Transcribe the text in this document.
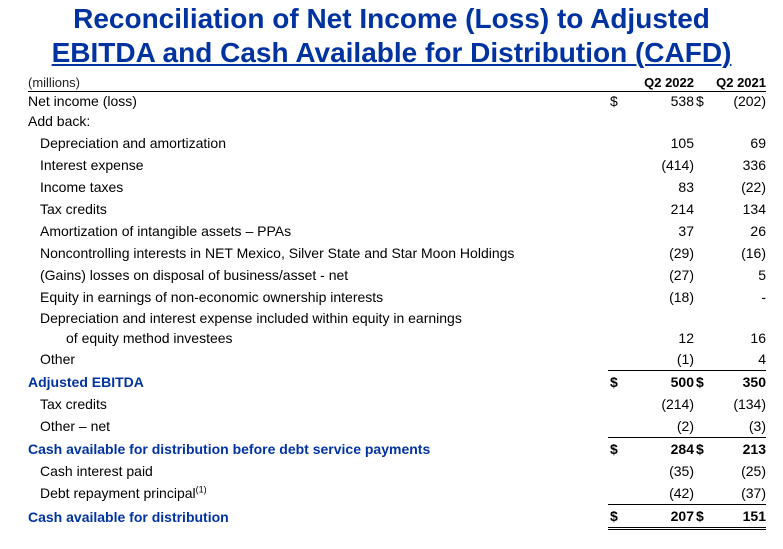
Reconciliation of Net Income (Loss) to Adjusted
EBITDA and Cash Available for Distribution (CAFD)
(millions)		Q2 2022		Q2 2021
Net income (loss)	$	538	$	(202)
Add back:				
Depreciation and amortization		105		69
Interest expense		(414)		336
Income taxes		83		(22)
Tax credits		214		134
Amortization of intangible assets – PPAs		37		26
Noncontrolling interests in NET Mexico, Silver State and Star Moon Holdings		(29)		(16)
(Gains) losses on disposal of business/asset - net		(27)		5
Equity in earnings of non-economic ownership interests		(18)		-
Depreciation and interest expense included within equity in earnings				
of equity method investees		12		16
Other		(1)		4
Adjusted EBITDA	$	500	$	350
Tax credits		(214)		(134)
Other – net		(2)		(3)
Cash available for distribution before debt service payments	$	284	$	213
Cash interest paid		(35)		(25)
Debt repayment principal$^{(1)}$		(42)		(37)
Cash available for distribution	$	207	$	151
